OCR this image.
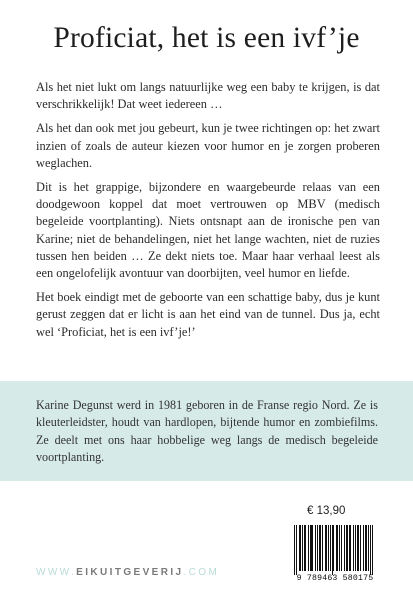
Proficiat, het is een ivf’je

Als het niet lukt om langs natuurlijke weg een baby te krijgen, is dat verschrikkelijk! Dat weet iedereen …

Als het dan ook met jou gebeurt, kun je twee richtingen op: het zwart inzien of zoals de auteur kiezen voor humor en je zorgen proberen weglachen.

Dit is het grappige, bijzondere en waargebeurde relaas van een doodgewoon koppel dat moet vertrouwen op MBV (medisch begeleide voortplanting). Niets ontsnapt aan de ironische pen van Karine; niet de behandelingen, niet het lange wachten, niet de ruzies tussen hen beiden … Ze dekt niets toe. Maar haar verhaal leest als een ongelofelijk avontuur van doorbijten, veel humor en liefde.

Het boek eindigt met de geboorte van een schattige baby, dus je kunt gerust zeggen dat er licht is aan het eind van de tunnel. Dus ja, echt wel ‘Proficiat, het is een ivf’je!’

Karine Degunst werd in 1981 geboren in de Franse regio Nord. Ze is kleuterleidster, houdt van hardlopen, bijtende humor en zombiefilms. Ze deelt met ons haar hobbelige weg langs de medisch begeleide voortplanting.

€ 13,90
WWW.EIKUITGEVERIJ.COM
9 789463 580175
